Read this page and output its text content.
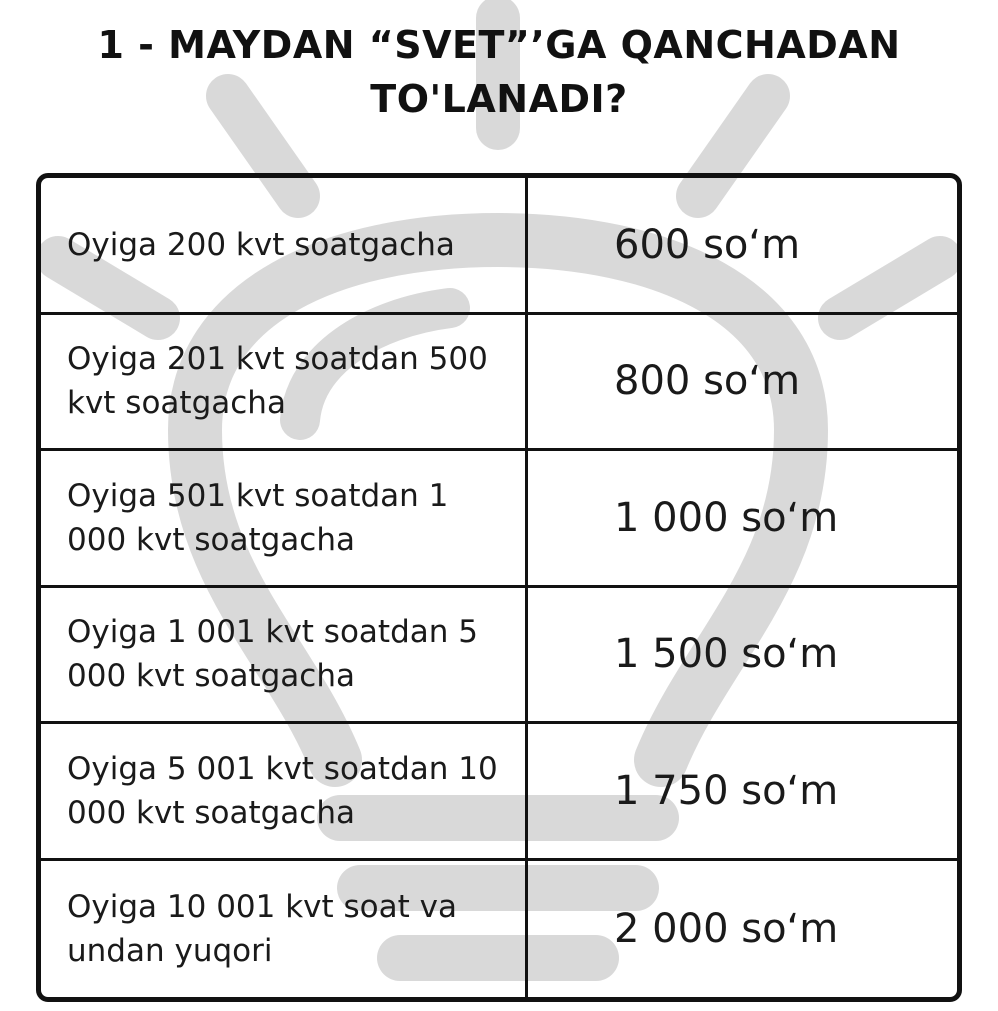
1 - MAYDAN “SVET”’GA QANCHADAN
TO'LANADI?
Oyiga 200 kvt soatgacha	600 so‘m
Oyiga 201 kvt soatdan 500 kvt soatgacha	800 so‘m
Oyiga 501 kvt soatdan 1 000 kvt soatgacha	1 000 so‘m
Oyiga 1 001 kvt soatdan 5 000 kvt soatgacha	1 500 so‘m
Oyiga 5 001 kvt soatdan 10 000 kvt soatgacha	1 750 so‘m
Oyiga 10 001 kvt soat va undan yuqori	2 000 so‘m
